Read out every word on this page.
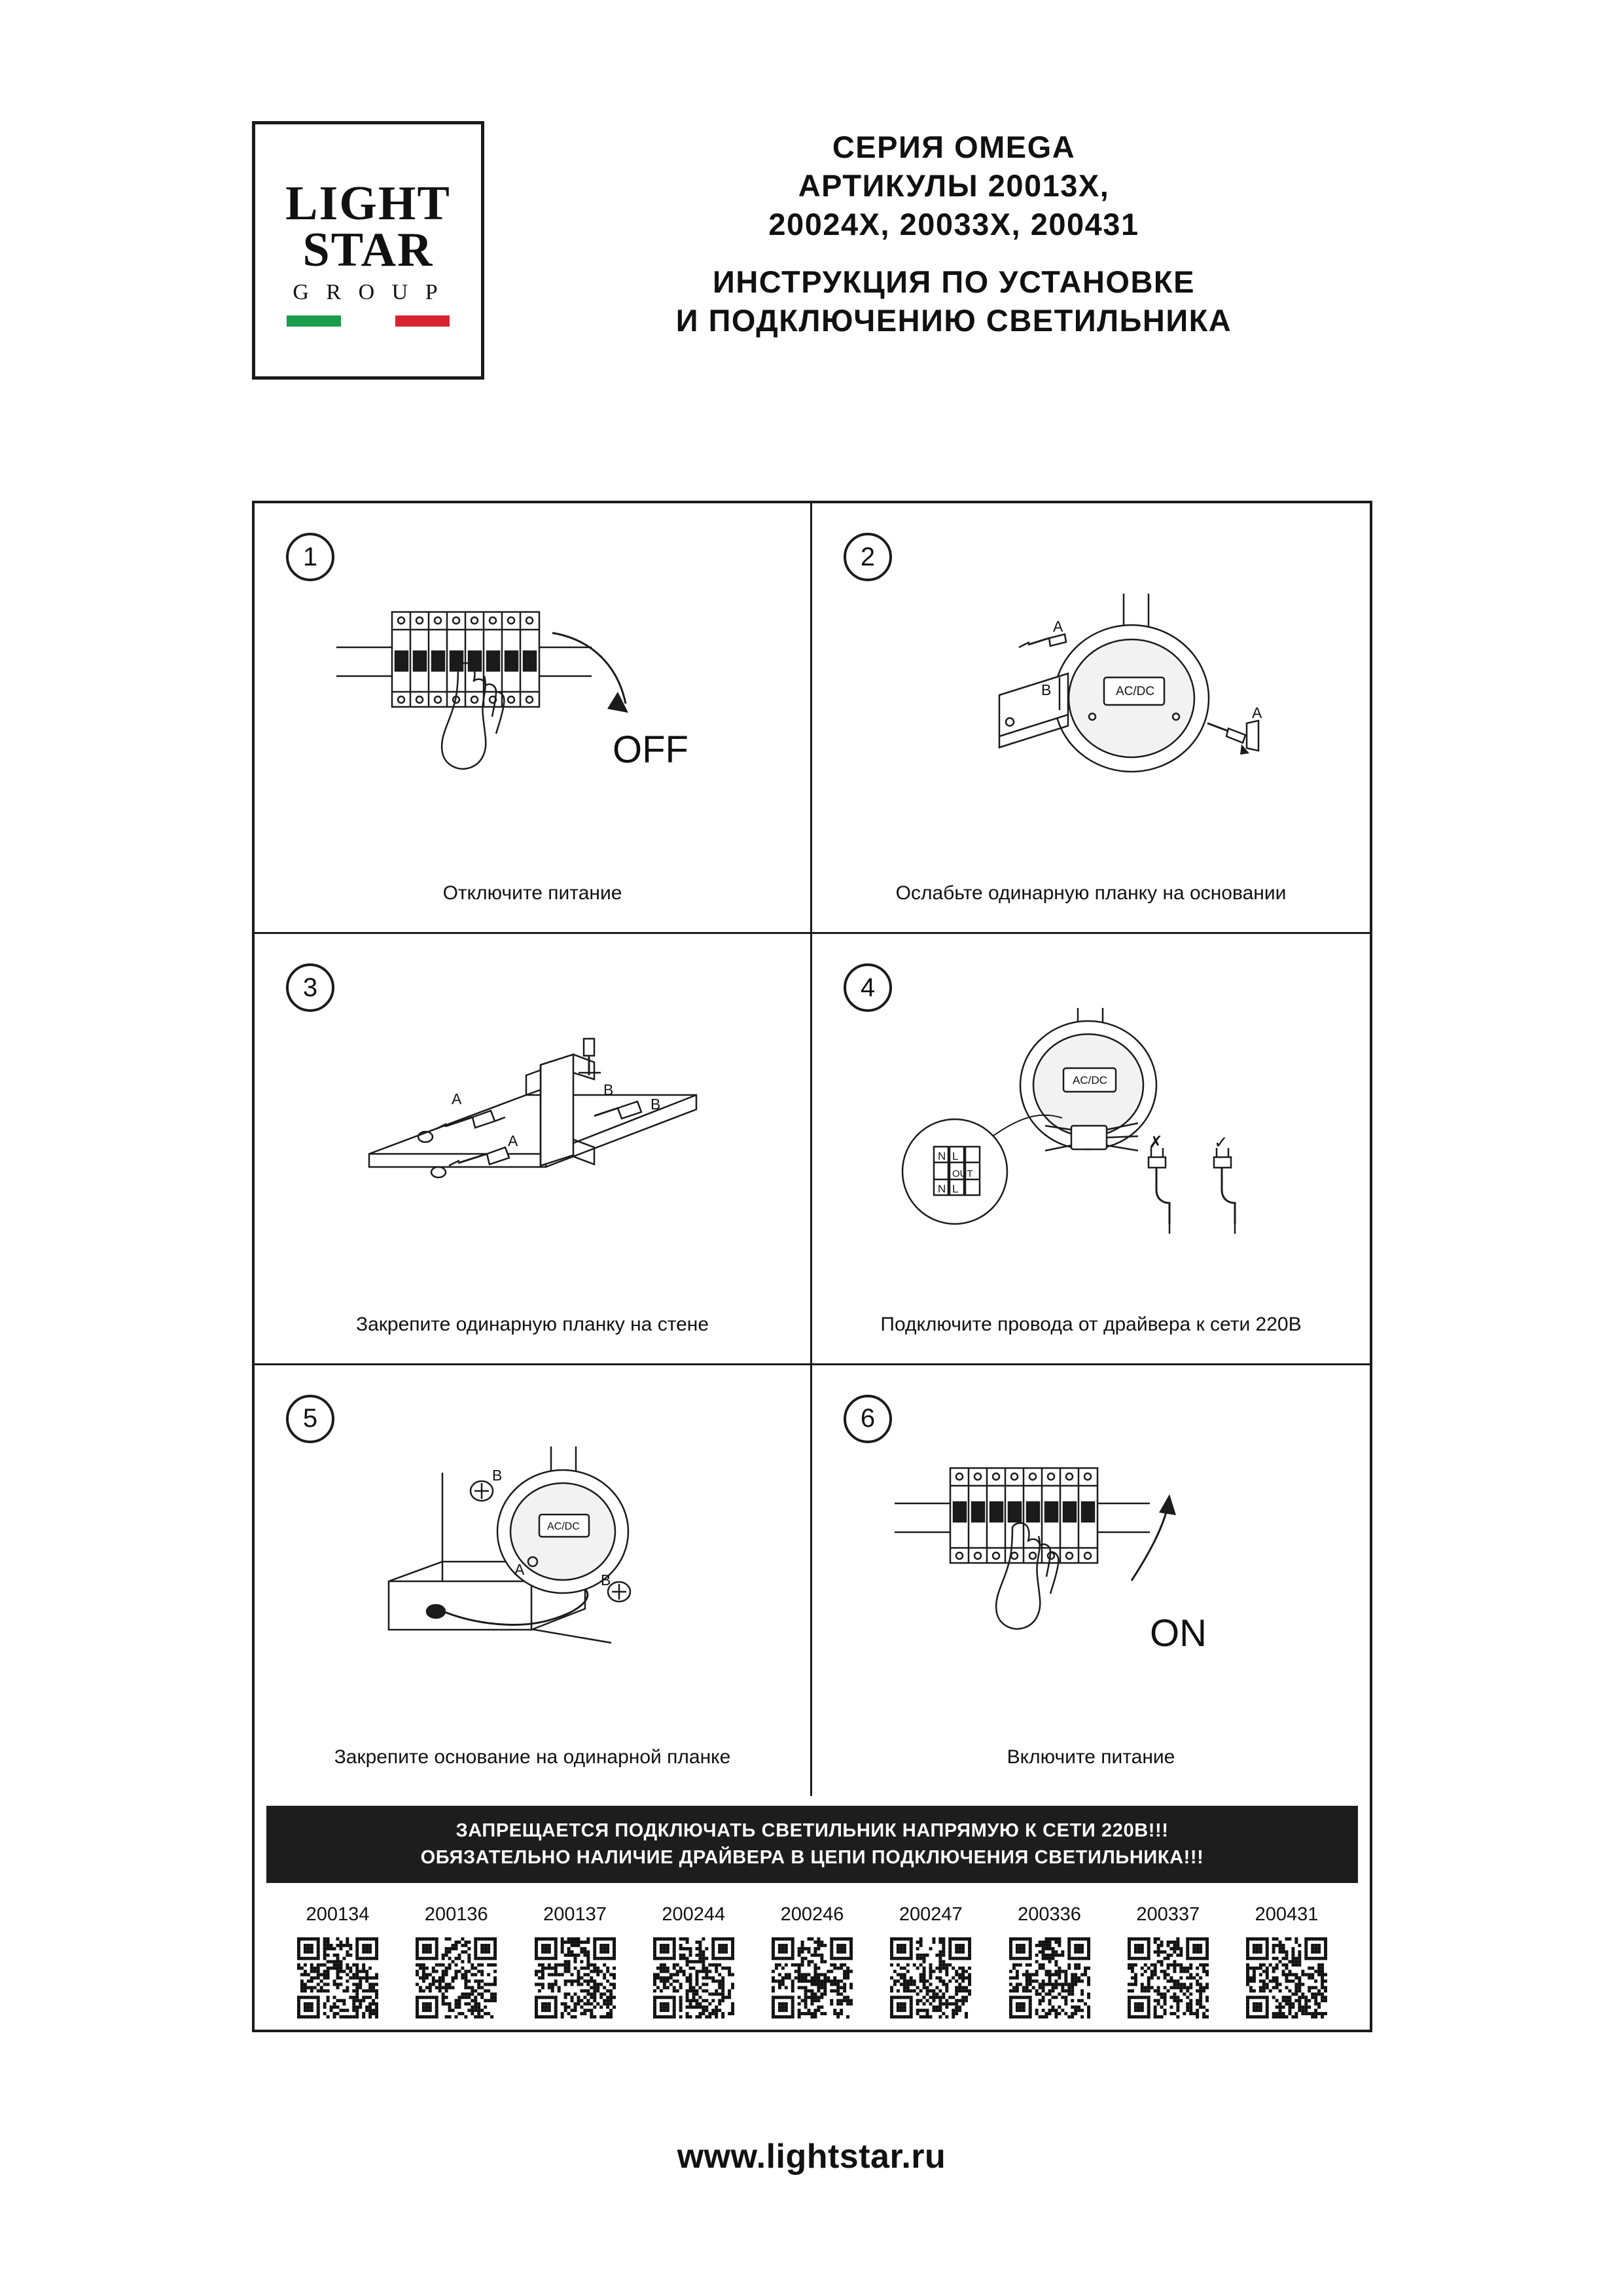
LIGHT
STAR
G R O U P
СЕРИЯ OMEGA
АРТИКУЛЫ 20013X,
20024X, 20033X, 200431
ИНСТРУКЦИЯ ПО УСТАНОВКЕ
И ПОДКЛЮЧЕНИЮ СВЕТИЛЬНИКА
1
OFF
Отключите питание
2
AC/DC
A
B
A
Ослабьте одинарную планку на основании
3
A
B
B
A
Закрепите одинарную планку на стене
4
AC/DC
N L
OUT
N L
✗	✓
Подключите провода от драйвера к сети 220В
5
AC/DC
B
A
B
Закрепите основание на одинарной планке
6
ON
Включите питание
ЗАПРЕЩАЕТСЯ ПОДКЛЮЧАТЬ СВЕТИЛЬНИК НАПРЯМУЮ К СЕТИ 220В!!!
ОБЯЗАТЕЛЬНО НАЛИЧИЕ ДРАЙВЕРА В ЦЕПИ ПОДКЛЮЧЕНИЯ СВЕТИЛЬНИКА!!!
200134	200136	200137	200244	200246	200247	200336	200337	200431
www.lightstar.ru
